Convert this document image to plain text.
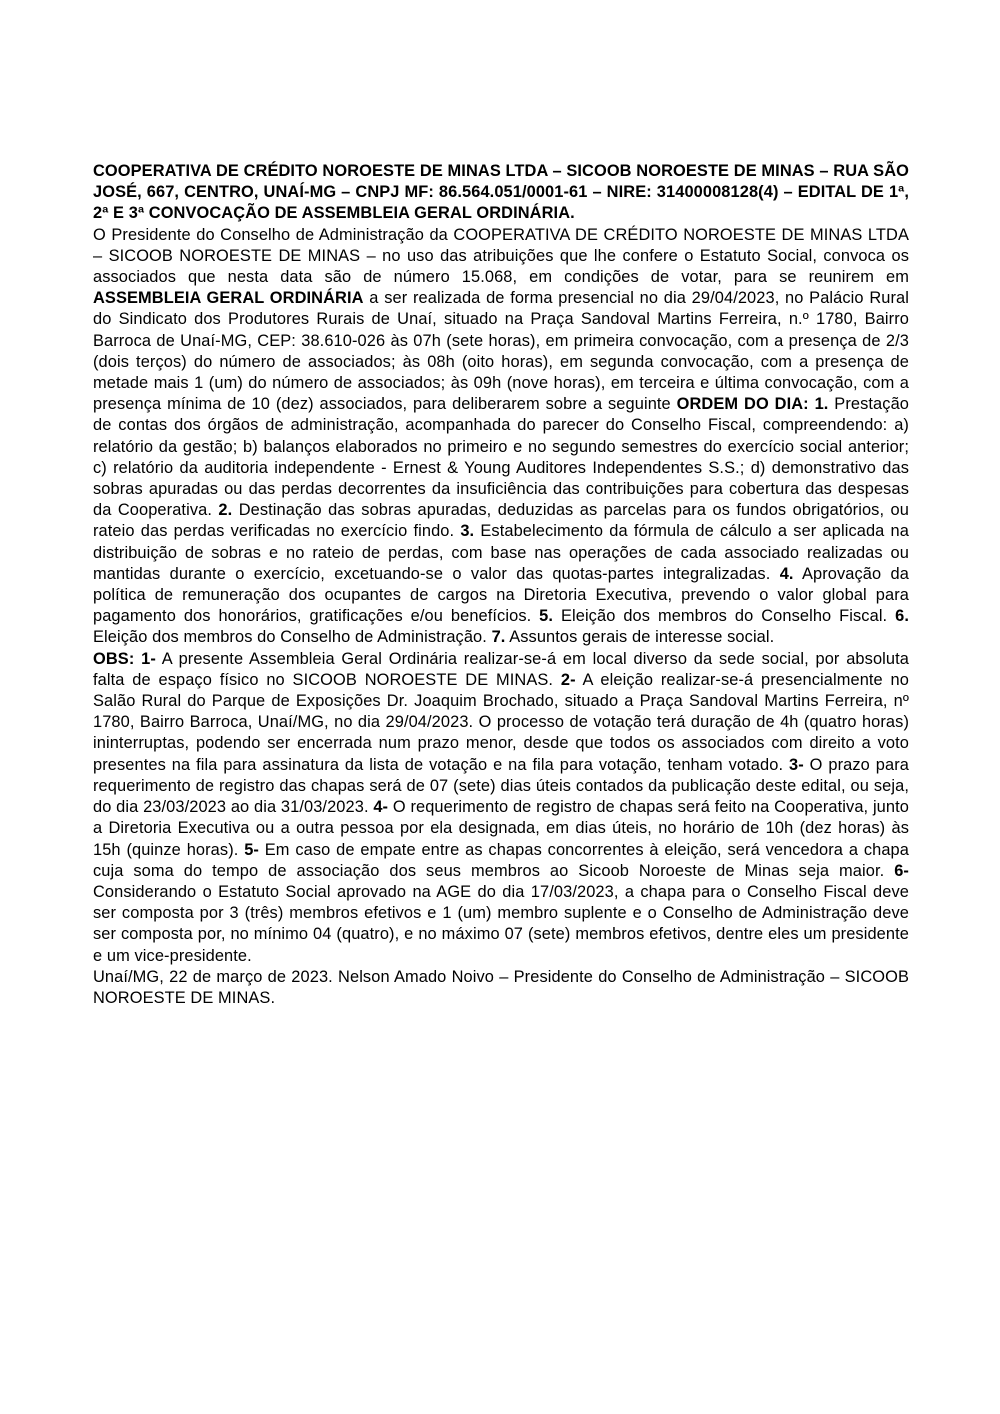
COOPERATIVA DE CRÉDITO NOROESTE DE MINAS LTDA – SICOOB NOROESTE DE MINAS – RUA SÃO JOSÉ, 667, CENTRO, UNAÍ-MG – CNPJ MF: 86.564.051/0001-61 – NIRE: 31400008128(4) – EDITAL DE 1ª, 2ª E 3ª CONVOCAÇÃO DE ASSEMBLEIA GERAL ORDINÁRIA.

O Presidente do Conselho de Administração da COOPERATIVA DE CRÉDITO NOROESTE DE MINAS LTDA – SICOOB NOROESTE DE MINAS – no uso das atribuições que lhe confere o Estatuto Social, convoca os associados que nesta data são de número 15.068, em condições de votar, para se reunirem em ASSEMBLEIA GERAL ORDINÁRIA a ser realizada de forma presencial no dia 29/04/2023, no Palácio Rural do Sindicato dos Produtores Rurais de Unaí, situado na Praça Sandoval Martins Ferreira, n.º 1780, Bairro Barroca de Unaí-MG, CEP: 38.610-026 às 07h (sete horas), em primeira convocação, com a presença de 2/3 (dois terços) do número de associados; às 08h (oito horas), em segunda convocação, com a presença de metade mais 1 (um) do número de associados; às 09h (nove horas), em terceira e última convocação, com a presença mínima de 10 (dez) associados, para deliberarem sobre a seguinte ORDEM DO DIA: 1. Prestação de contas dos órgãos de administração, acompanhada do parecer do Conselho Fiscal, compreendendo: a) relatório da gestão; b) balanços elaborados no primeiro e no segundo semestres do exercício social anterior; c) relatório da auditoria independente - Ernest & Young Auditores Independentes S.S.; d) demonstrativo das sobras apuradas ou das perdas decorrentes da insuficiência das contribuições para cobertura das despesas da Cooperativa. 2. Destinação das sobras apuradas, deduzidas as parcelas para os fundos obrigatórios, ou rateio das perdas verificadas no exercício findo. 3. Estabelecimento da fórmula de cálculo a ser aplicada na distribuição de sobras e no rateio de perdas, com base nas operações de cada associado realizadas ou mantidas durante o exercício, excetuando-se o valor das quotas-partes integralizadas. 4. Aprovação da política de remuneração dos ocupantes de cargos na Diretoria Executiva, prevendo o valor global para pagamento dos honorários, gratificações e/ou benefícios. 5. Eleição dos membros do Conselho Fiscal. 6. Eleição dos membros do Conselho de Administração. 7. Assuntos gerais de interesse social.

OBS: 1- A presente Assembleia Geral Ordinária realizar-se-á em local diverso da sede social, por absoluta falta de espaço físico no SICOOB NOROESTE DE MINAS. 2- A eleição realizar-se-á presencialmente no Salão Rural do Parque de Exposições Dr. Joaquim Brochado, situado a Praça Sandoval Martins Ferreira, nº 1780, Bairro Barroca, Unaí/MG, no dia 29/04/2023. O processo de votação terá duração de 4h (quatro horas) ininterruptas, podendo ser encerrada num prazo menor, desde que todos os associados com direito a voto presentes na fila para assinatura da lista de votação e na fila para votação, tenham votado. 3- O prazo para requerimento de registro das chapas será de 07 (sete) dias úteis contados da publicação deste edital, ou seja, do dia 23/03/2023 ao dia 31/03/2023. 4- O requerimento de registro de chapas será feito na Cooperativa, junto a Diretoria Executiva ou a outra pessoa por ela designada, em dias úteis, no horário de 10h (dez horas) às 15h (quinze horas). 5- Em caso de empate entre as chapas concorrentes à eleição, será vencedora a chapa cuja soma do tempo de associação dos seus membros ao Sicoob Noroeste de Minas seja maior. 6- Considerando o Estatuto Social aprovado na AGE do dia 17/03/2023, a chapa para o Conselho Fiscal deve ser composta por 3 (três) membros efetivos e 1 (um) membro suplente e o Conselho de Administração deve ser composta por, no mínimo 04 (quatro), e no máximo 07 (sete) membros efetivos, dentre eles um presidente e um vice-presidente.

Unaí/MG, 22 de março de 2023. Nelson Amado Noivo – Presidente do Conselho de Administração – SICOOB NOROESTE DE MINAS.
